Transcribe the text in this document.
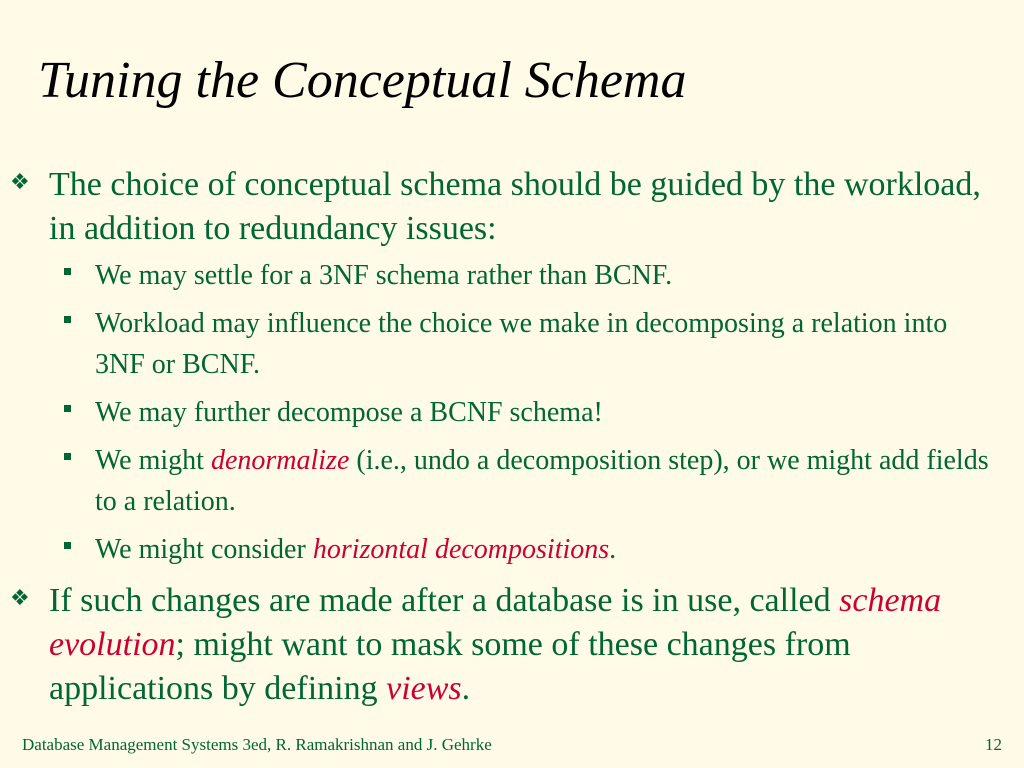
Tuning the Conceptual Schema
❖ The choice of conceptual schema should be guided by the workload, in addition to redundancy issues:
We may settle for a 3NF schema rather than BCNF.
Workload may influence the choice we make in decomposing a relation into 3NF or BCNF.
We may further decompose a BCNF schema!
We might denormalize (i.e., undo a decomposition step), or we might add fields to a relation.
We might consider horizontal decompositions.
❖ If such changes are made after a database is in use, called schema evolution; might want to mask some of these changes from applications by defining views.
Database Management Systems 3ed, R. Ramakrishnan and J. Gehrke	12
